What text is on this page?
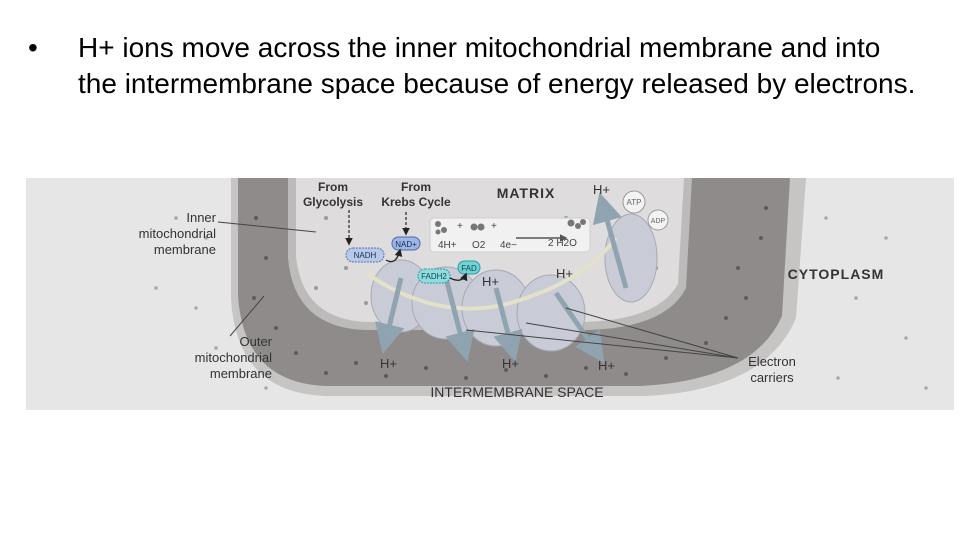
• H+ ions move across the inner mitochondrial membrane and into the intermembrane space because of energy released by electrons.
ATP
ADP
NADH
NAD+
FADH2
FAD
Inner
mitochondrial
membrane
Outer
mitochondrial
membrane
From
Glycolysis
From
Krebs Cycle
MATRIX
CYTOPLASM
INTERMEMBRANE SPACE
Electron
carriers
H+
H+
H+
H+	H+	H+
+	+
4H+ O2 4e−	2 H2O
